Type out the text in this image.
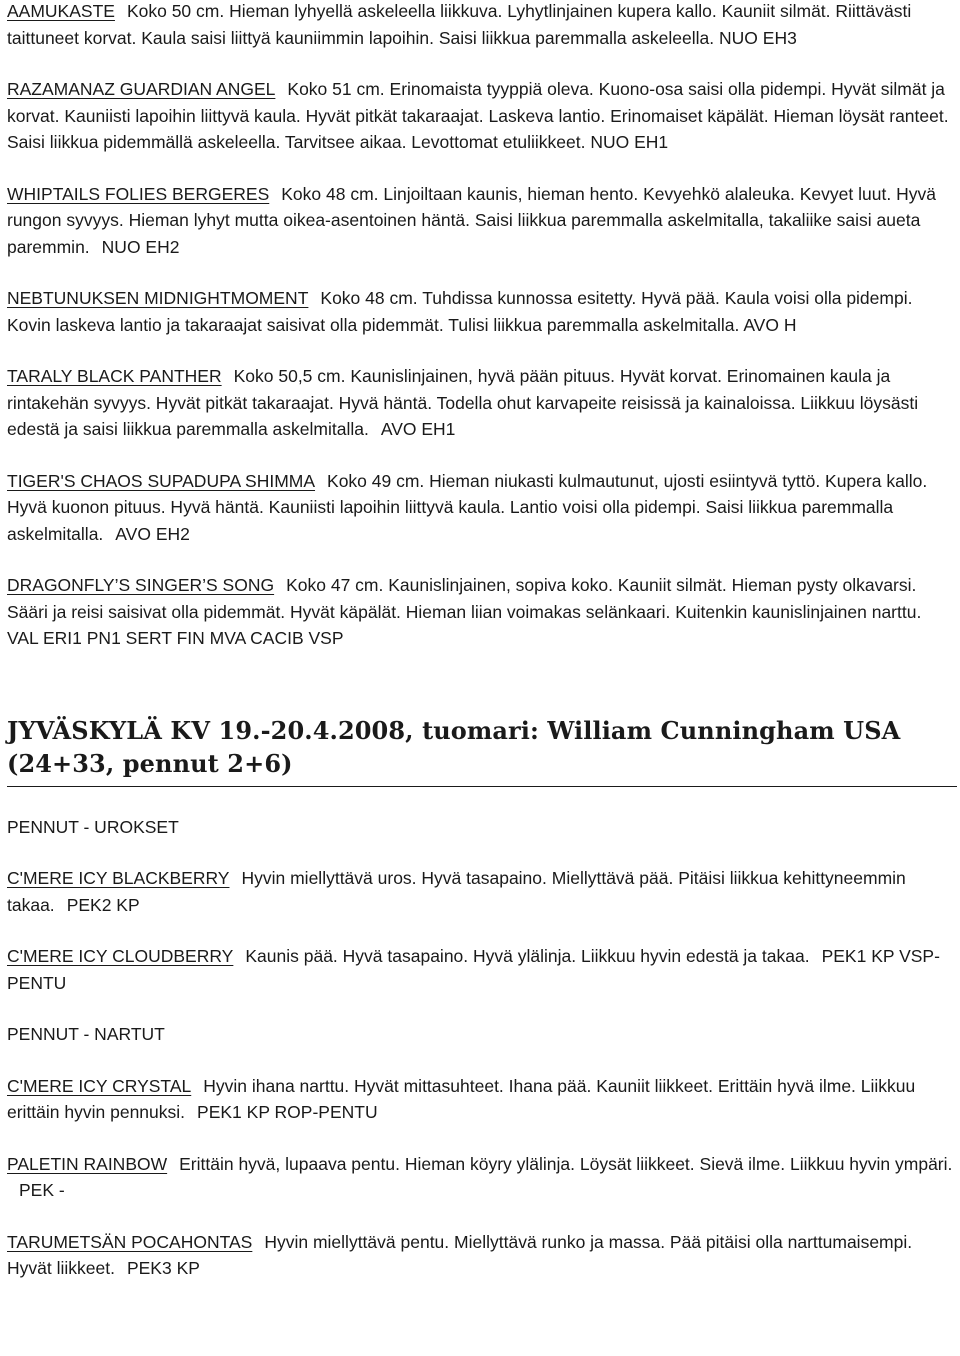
AAMUKASTE Koko 50 cm. Hieman lyhyellä askeleella liikkuva. Lyhytlinjainen kupera kallo. Kauniit silmät. Riittävästi taittuneet korvat. Kaula saisi liittyä kauniimmin lapoihin. Saisi liikkua paremmalla askeleella. NUO EH3

RAZAMANAZ GUARDIAN ANGEL Koko 51 cm. Erinomaista tyyppiä oleva. Kuono-osa saisi olla pidempi. Hyvät silmät ja korvat. Kauniisti lapoihin liittyvä kaula. Hyvät pitkät takaraajat. Laskeva lantio. Erinomaiset käpälät. Hieman löysät ranteet. Saisi liikkua pidemmällä askeleella. Tarvitsee aikaa. Levottomat etuliikkeet. NUO EH1

WHIPTAILS FOLIES BERGERES Koko 48 cm. Linjoiltaan kaunis, hieman hento. Kevyehkö alaleuka. Kevyet luut. Hyvä rungon syvyys. Hieman lyhyt mutta oikea-asentoinen häntä. Saisi liikkua paremmalla askelmitalla, takaliike saisi aueta paremmin. NUO EH2

NEBTUNUKSEN MIDNIGHTMOMENT Koko 48 cm. Tuhdissa kunnossa esitetty. Hyvä pää. Kaula voisi olla pidempi. Kovin laskeva lantio ja takaraajat saisivat olla pidemmät. Tulisi liikkua paremmalla askelmitalla. AVO H

TARALY BLACK PANTHER Koko 50,5 cm. Kaunislinjainen, hyvä pään pituus. Hyvät korvat. Erinomainen kaula ja rintakehän syvyys. Hyvät pitkät takaraajat. Hyvä häntä. Todella ohut karvapeite reisissä ja kainaloissa. Liikkuu löysästi edestä ja saisi liikkua paremmalla askelmitalla. AVO EH1

TIGER'S CHAOS SUPADUPA SHIMMA Koko 49 cm. Hieman niukasti kulmautunut, ujosti esiintyvä tyttö. Kupera kallo. Hyvä kuonon pituus. Hyvä häntä. Kauniisti lapoihin liittyvä kaula. Lantio voisi olla pidempi. Saisi liikkua paremmalla askelmitalla. AVO EH2

DRAGONFLY’S SINGER’S SONG Koko 47 cm. Kaunislinjainen, sopiva koko. Kauniit silmät. Hieman pysty olkavarsi. Sääri ja reisi saisivat olla pidemmät. Hyvät käpälät. Hieman liian voimakas selänkaari. Kuitenkin kaunislinjainen narttu.VAL ERI1 PN1 SERT FIN MVA CACIB VSP

JYVÄSKYLÄ KV 19.-20.4.2008, tuomari: William Cunningham USA
(24+33, pennut 2+6)
PENNUT - UROKSET

C'MERE ICY BLACKBERRY Hyvin miellyttävä uros. Hyvä tasapaino. Miellyttävä pää. Pitäisi liikkua kehittyneemmin takaa. PEK2 KP

C'MERE ICY CLOUDBERRY Kaunis pää. Hyvä tasapaino. Hyvä ylälinja. Liikkuu hyvin edestä ja takaa. PEK1 KP VSP-PENTU

PENNUT - NARTUT

C'MERE ICY CRYSTAL Hyvin ihana narttu. Hyvät mittasuhteet. Ihana pää. Kauniit liikkeet. Erittäin hyvä ilme. Liikkuu erittäin hyvin pennuksi. PEK1 KP ROP-PENTU

PALETIN RAINBOW Erittäin hyvä, lupaava pentu. Hieman köyry ylälinja. Löysät liikkeet. Sievä ilme. Liikkuu hyvin ympäri.PEK -

TARUMETSÄN POCAHONTAS Hyvin miellyttävä pentu. Miellyttävä runko ja massa. Pää pitäisi olla narttumaisempi. Hyvät liikkeet. PEK3 KP
